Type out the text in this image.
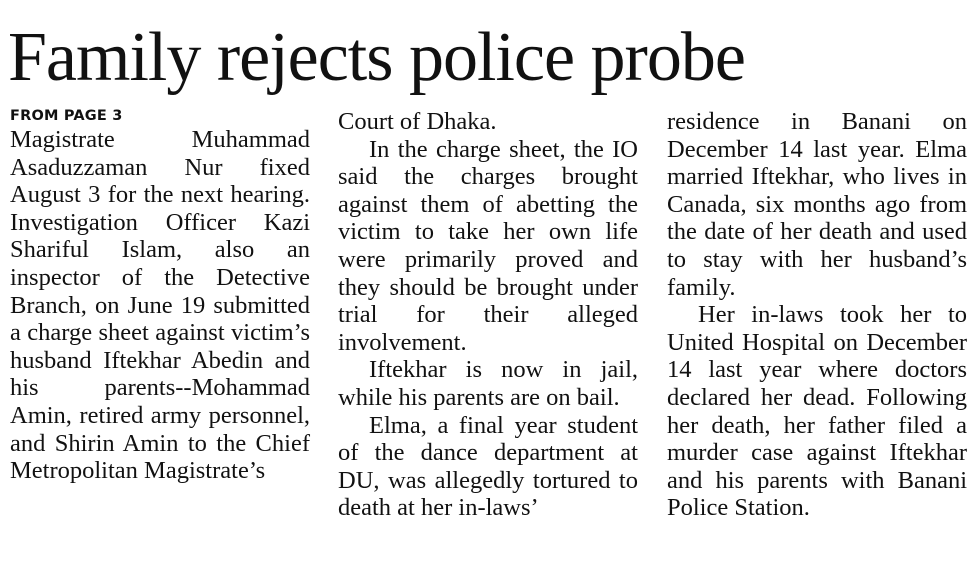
Family rejects police probe
FROM PAGE 3

Magistrate Muhammad Asaduzzaman Nur fixed August 3 for the next hearing. Investigation Officer Kazi Shariful Islam, also an inspector of the Detective Branch, on June 19 submitted a charge sheet against victim’s husband Iftekhar Abedin and his parents--Mohammad Amin, retired army personnel, and Shirin Amin to the Chief Metropolitan Magistrate’s

Court of Dhaka.

In the charge sheet, the IO said the charges brought against them of abetting the victim to take her own life were primarily proved and they should be brought under trial for their alleged involvement.

Iftekhar is now in jail, while his parents are on bail.

Elma, a final year student of the dance department at DU, was allegedly tortured to death at her in-laws’

residence in Banani on December 14 last year. Elma married Iftekhar, who lives in Canada, six months ago from the date of her death and used to stay with her husband’s family.

Her in-laws took her to United Hospital on December 14 last year where doctors declared her dead. Following her death, her father filed a murder case against Iftekhar and his parents with Banani Police Station.
